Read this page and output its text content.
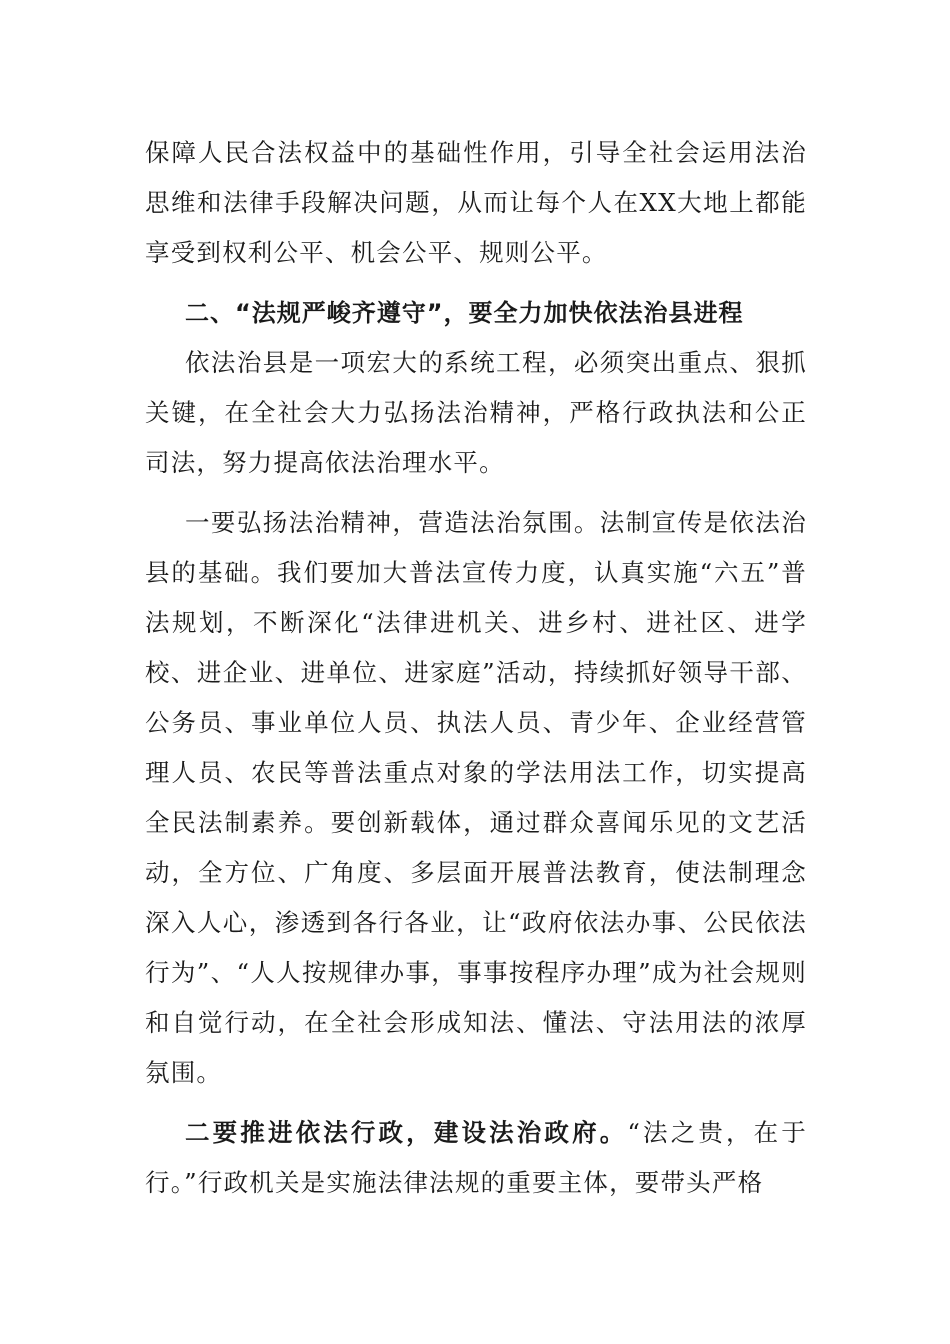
保障人民合法权益中的基础性作用，引导全社会运用法治思维和法律手段解决问题，从而让每个人在XX大地上都能享受到权利公平、机会公平、规则公平。

二、“法规严峻齐遵守”，要全力加快依法治县进程

依法治县是一项宏大的系统工程，必须突出重点、狠抓关键，在全社会大力弘扬法治精神，严格行政执法和公正司法，努力提高依法治理水平。

一要弘扬法治精神，营造法治氛围。法制宣传是依法治县的基础。我们要加大普法宣传力度，认真实施“六五”普法规划，不断深化“法律进机关、进乡村、进社区、进学校、进企业、进单位、进家庭”活动，持续抓好领导干部、公务员、事业单位人员、执法人员、青少年、企业经营管理人员、农民等普法重点对象的学法用法工作，切实提高全民法制素养。要创新载体，通过群众喜闻乐见的文艺活动，全方位、广角度、多层面开展普法教育，使法制理念深入人心，渗透到各行各业，让“政府依法办事、公民依法行为”、“人人按规律办事，事事按程序办理”成为社会规则和自觉行动，在全社会形成知法、懂法、守法用法的浓厚氛围。

二要推进依法行政，建设法治政府。“法之贵，在于行。”行政机关是实施法律法规的重要主体，要带头严格
